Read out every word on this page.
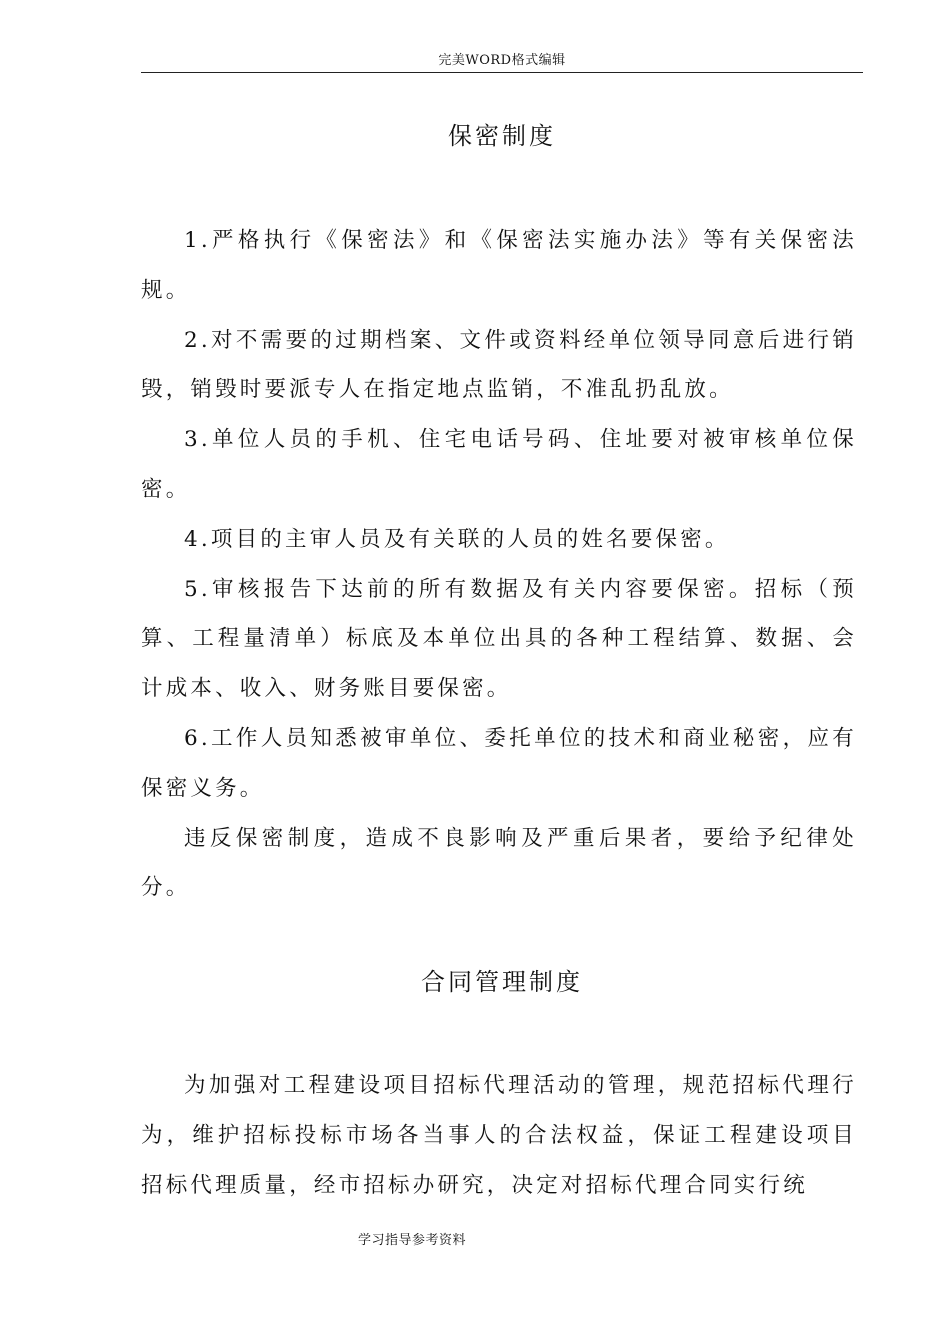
完美WORD格式编辑
保密制度

1.严格执行《保密法》和《保密法实施办法》等有关保密法规。

2.对不需要的过期档案、文件或资料经单位领导同意后进行销毁，销毁时要派专人在指定地点监销，不准乱扔乱放。

3.单位人员的手机、住宅电话号码、住址要对被审核单位保密。

4.项目的主审人员及有关联的人员的姓名要保密。

5.审核报告下达前的所有数据及有关内容要保密。招标（预算、工程量清单）标底及本单位出具的各种工程结算、数据、会计成本、收入、财务账目要保密。

6.工作人员知悉被审单位、委托单位的技术和商业秘密，应有保密义务。

违反保密制度，造成不良影响及严重后果者，要给予纪律处分。

合同管理制度

为加强对工程建设项目招标代理活动的管理，规范招标代理行为，维护招标投标市场各当事人的合法权益，保证工程建设项目招标代理质量，经市招标办研究，决定对招标代理合同实行统

学习指导参考资料
